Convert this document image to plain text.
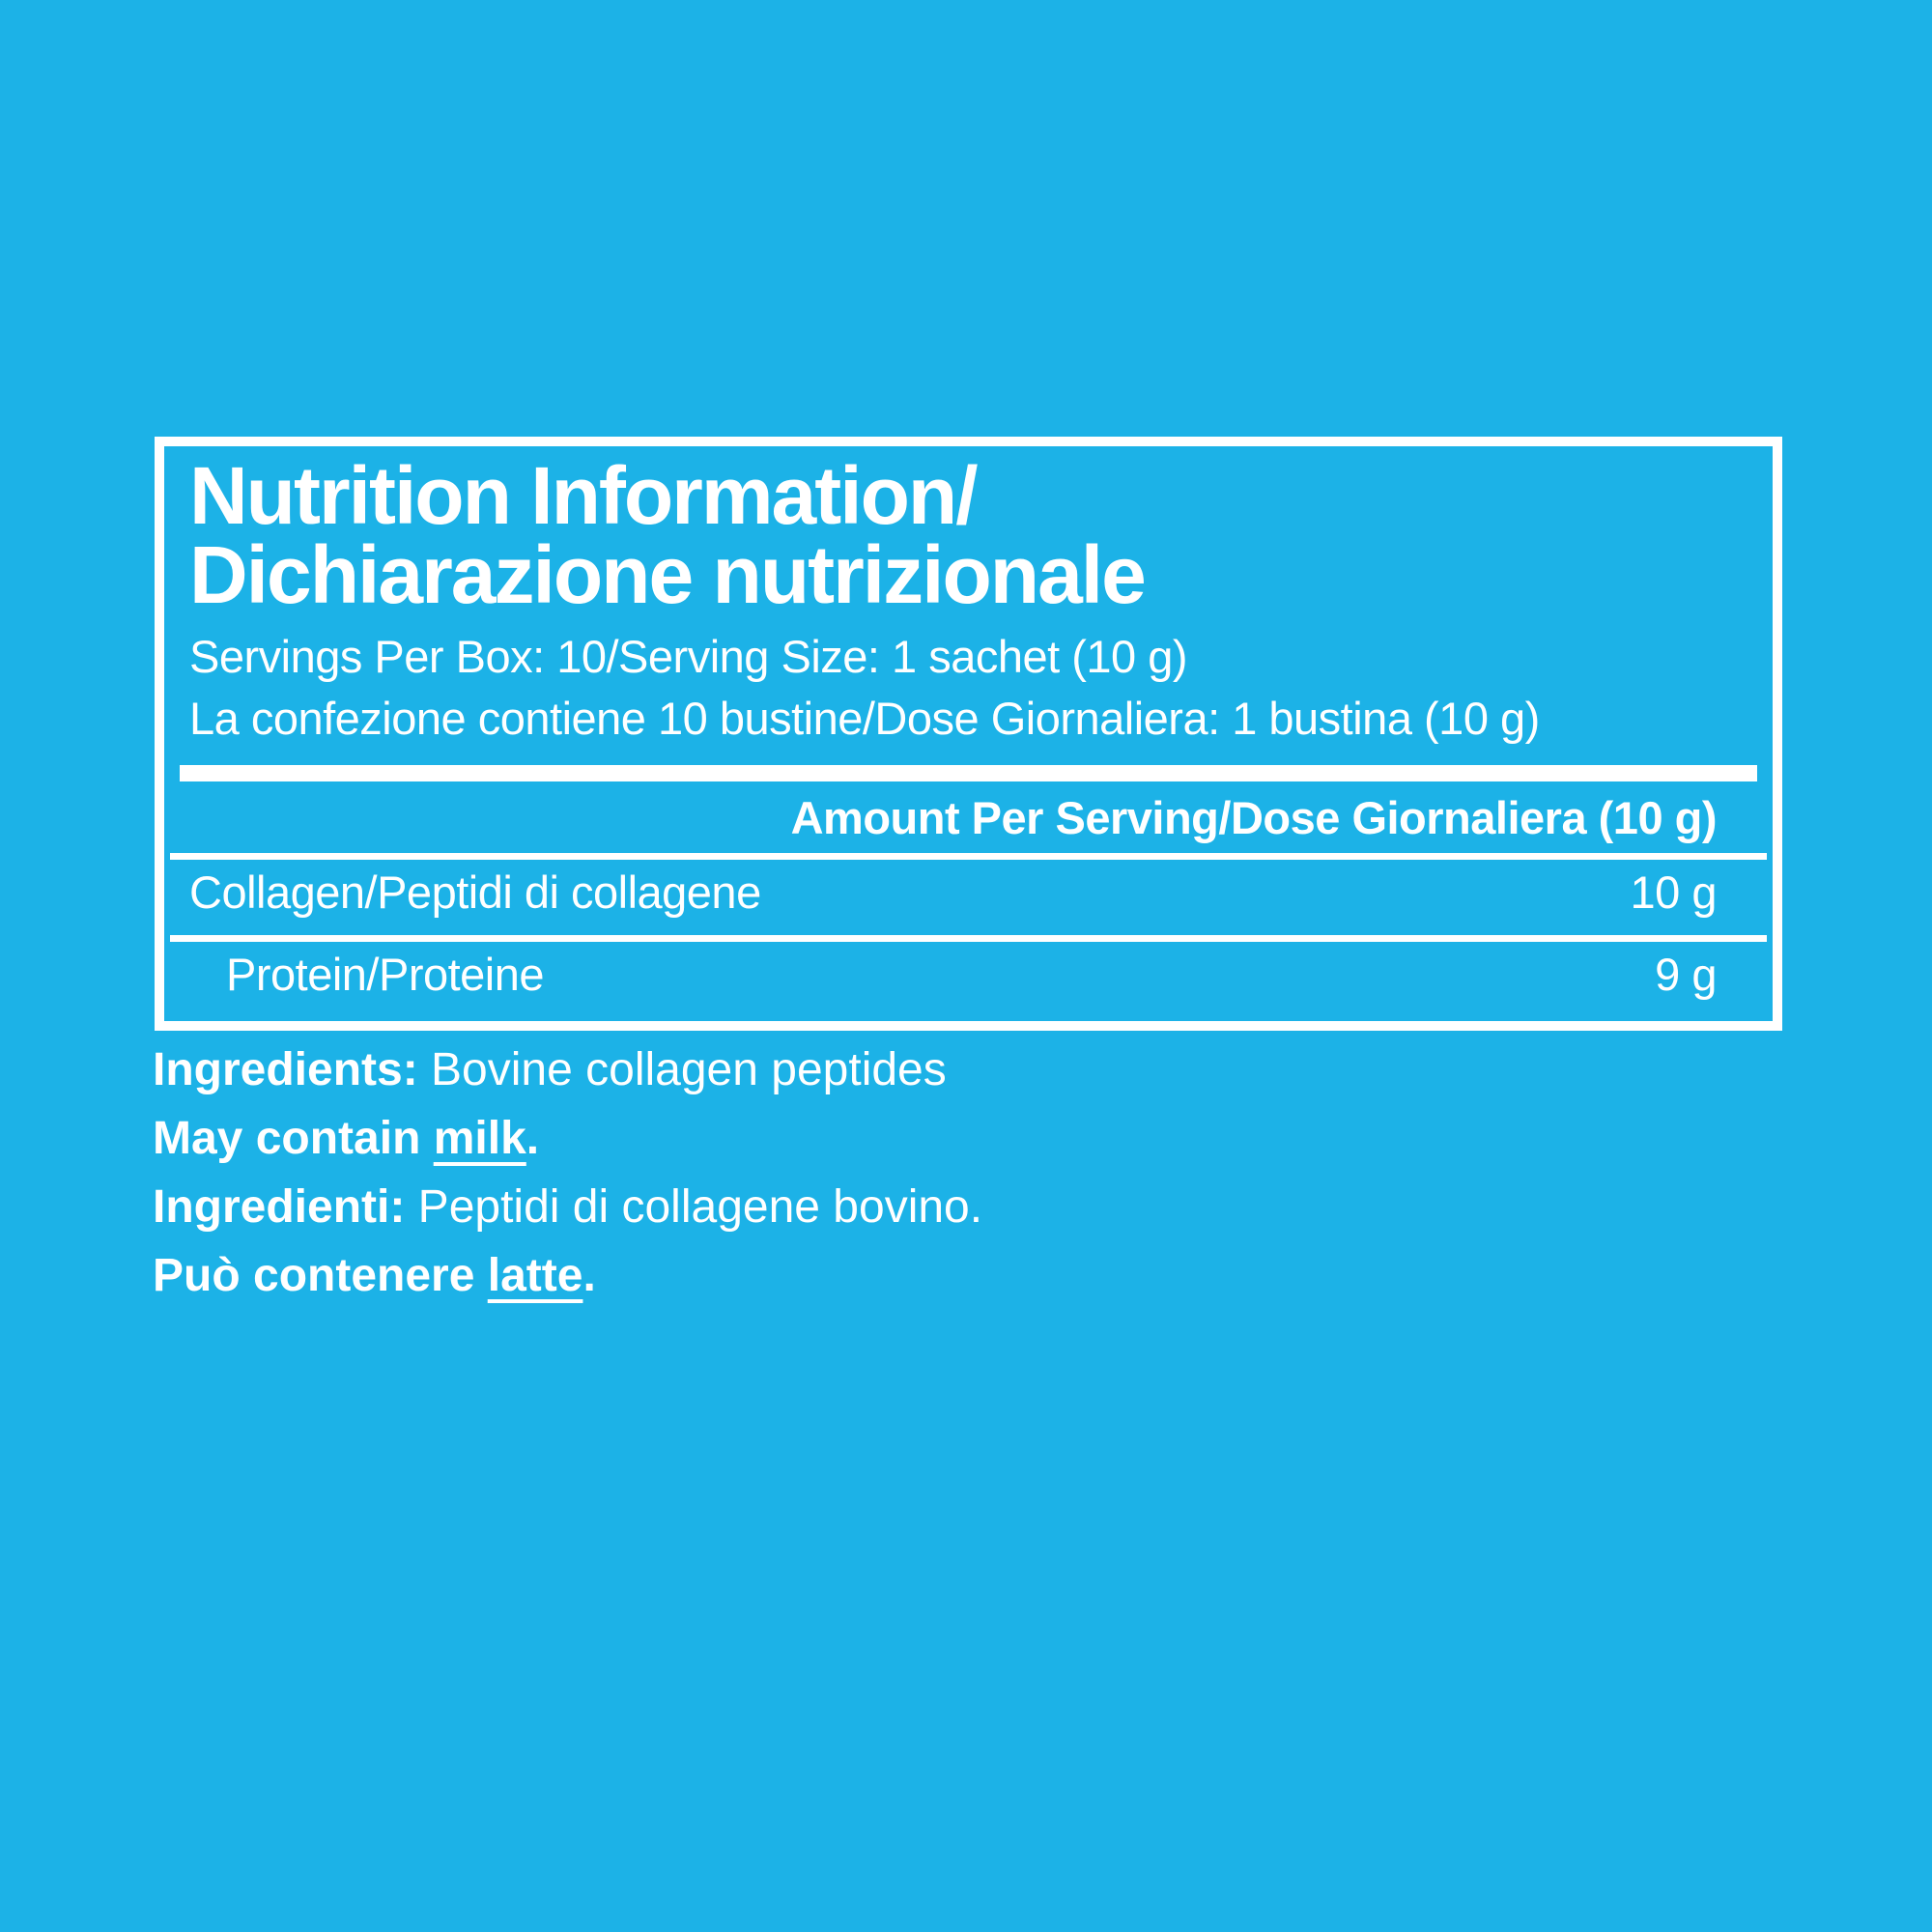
Nutrition Information/
Dichiarazione nutrizionale

Servings Per Box: 10/Serving Size: 1 sachet (10 g)

La confezione contiene 10 bustine/Dose Giornaliera: 1 bustina (10 g)

Amount Per Serving/Dose Giornaliera (10 g)

Collagen/Peptidi di collagene	10 g
Protein/Proteine	9 g

Ingredients: Bovine collagen peptides

May contain milk.

Ingredienti: Peptidi di collagene bovino.

Può contenere latte.
